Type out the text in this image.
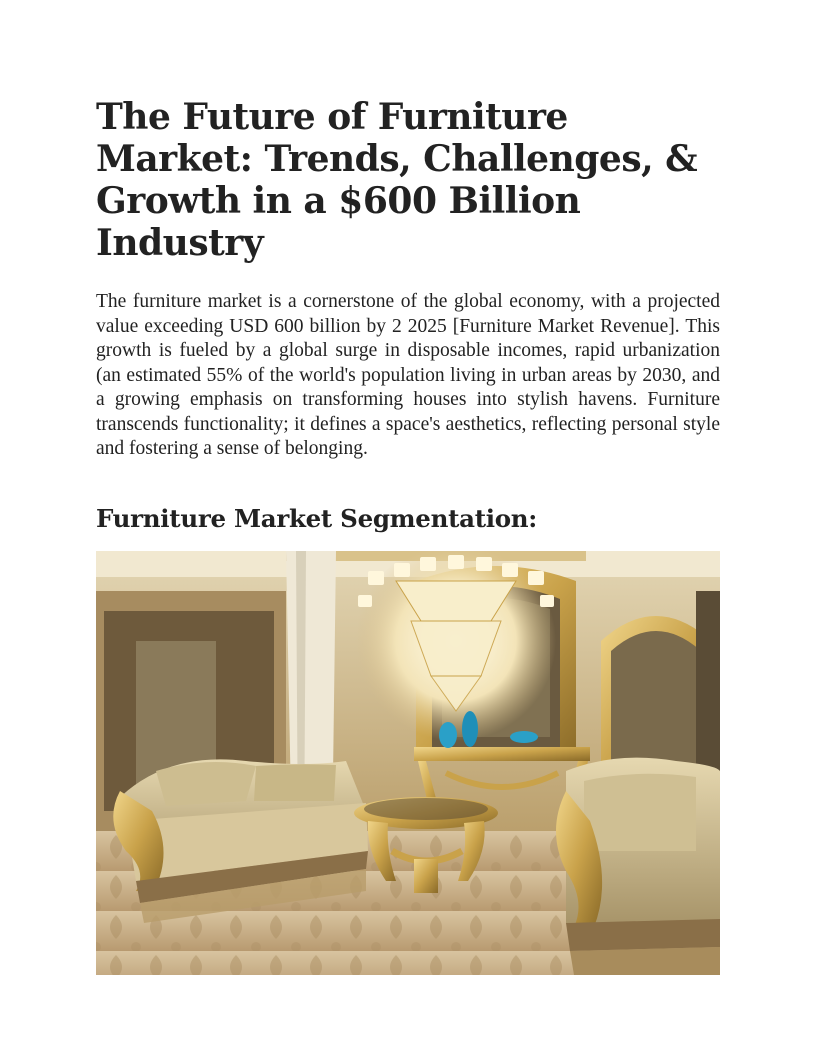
The Future of Furniture Market: Trends, Challenges, & Growth in a $600 Billion Industry

The furniture market is a cornerstone of the global economy, with a projected value exceeding USD 600 billion by 2 2025 [Furniture Market Revenue]. This growth is fueled by a global surge in disposable incomes, rapid urbanization (an estimated 55% of the world's population living in urban areas by 2030, and a growing emphasis on transforming houses into stylish havens. Furniture transcends functionality; it defines a space's aesthetics, reflecting personal style and fostering a sense of belonging.

Furniture Market Segmentation:
